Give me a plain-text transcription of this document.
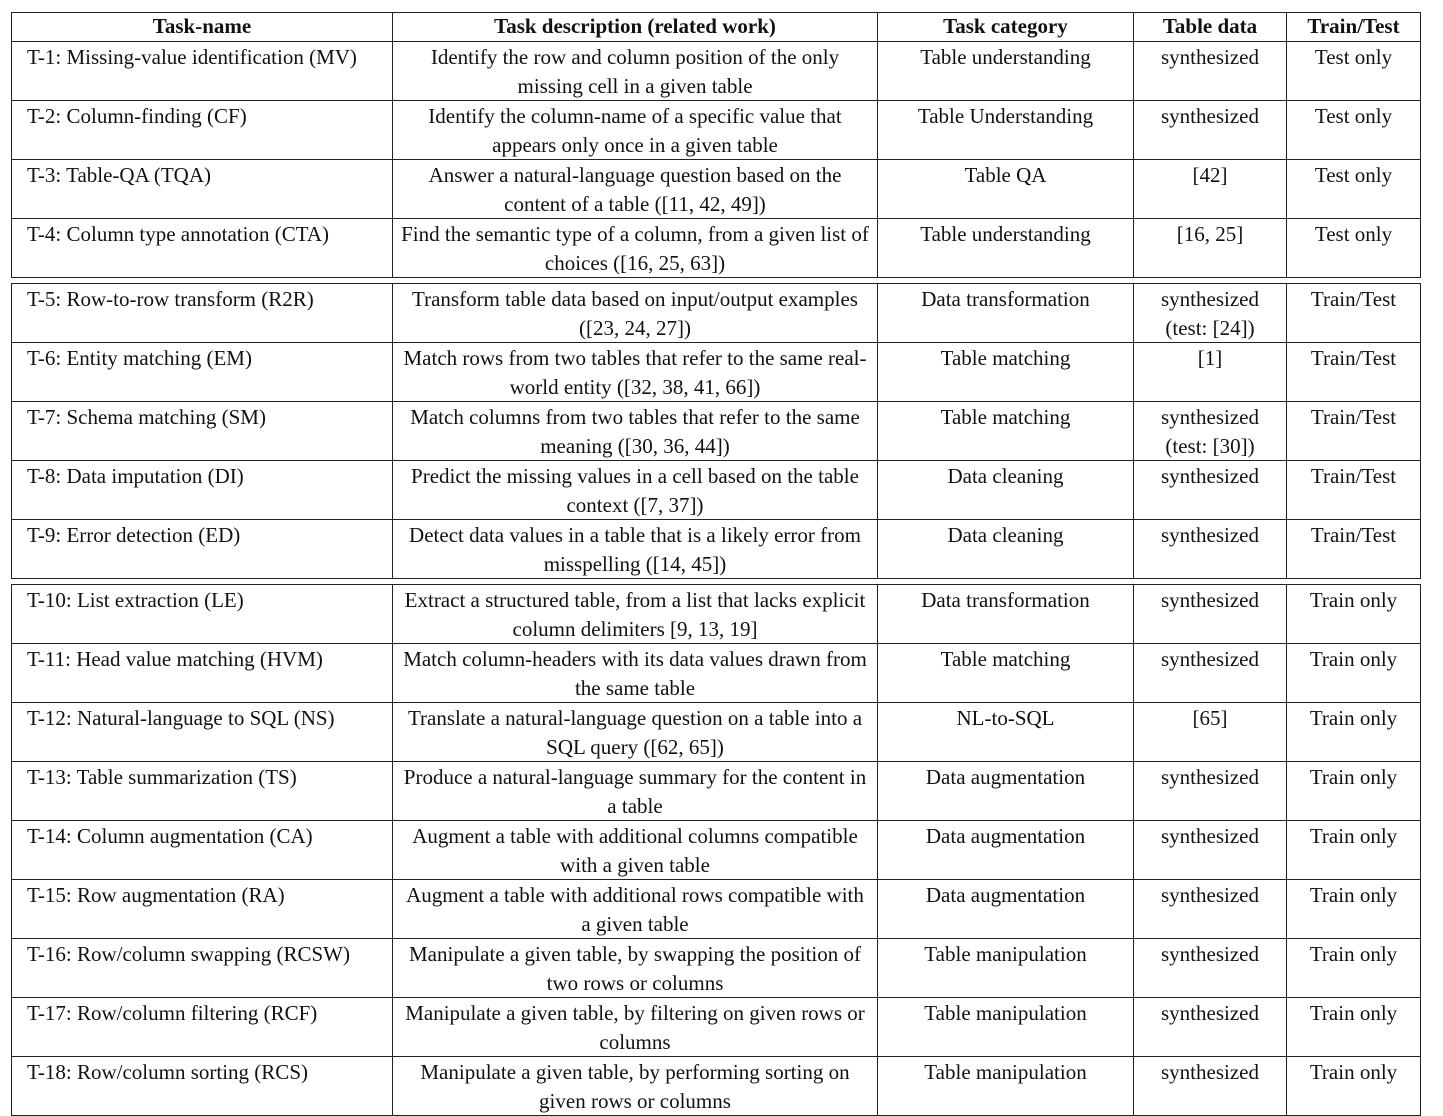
Task-name	Task description (related work)	Task category	Table data	Train/Test
T-1: Missing-value identification (MV)	Identify the row and column position of the only missing cell in a given table	Table understanding	synthesized	Test only
T-2: Column-finding (CF)	Identify the column-name of a specific value that appears only once in a given table	Table Understanding	synthesized	Test only
T-3: Table-QA (TQA)	Answer a natural-language question based on the content of a table ([11, 42, 49])	Table QA	[42]	Test only
T-4: Column type annotation (CTA)	Find the semantic type of a column, from a given list of choices ([16, 25, 63])	Table understanding	[16, 25]	Test only

T-5: Row-to-row transform (R2R)	Transform table data based on input/output examples ([23, 24, 27])	Data transformation	synthesized (test: [24])	Train/Test
T-6: Entity matching (EM)	Match rows from two tables that refer to the same real-world entity ([32, 38, 41, 66])	Table matching	[1]	Train/Test
T-7: Schema matching (SM)	Match columns from two tables that refer to the same meaning ([30, 36, 44])	Table matching	synthesized (test: [30])	Train/Test
T-8: Data imputation (DI)	Predict the missing values in a cell based on the table context ([7, 37])	Data cleaning	synthesized	Train/Test
T-9: Error detection (ED)	Detect data values in a table that is a likely error from misspelling ([14, 45])	Data cleaning	synthesized	Train/Test

T-10: List extraction (LE)	Extract a structured table, from a list that lacks explicit column delimiters [9, 13, 19]	Data transformation	synthesized	Train only
T-11: Head value matching (HVM)	Match column-headers with its data values drawn from the same table	Table matching	synthesized	Train only
T-12: Natural-language to SQL (NS)	Translate a natural-language question on a table into a SQL query ([62, 65])	NL-to-SQL	[65]	Train only
T-13: Table summarization (TS)	Produce a natural-language summary for the content in a table	Data augmentation	synthesized	Train only
T-14: Column augmentation (CA)	Augment a table with additional columns compatible with a given table	Data augmentation	synthesized	Train only
T-15: Row augmentation (RA)	Augment a table with additional rows compatible with a given table	Data augmentation	synthesized	Train only
T-16: Row/column swapping (RCSW)	Manipulate a given table, by swapping the position of two rows or columns	Table manipulation	synthesized	Train only
T-17: Row/column filtering (RCF)	Manipulate a given table, by filtering on given rows or columns	Table manipulation	synthesized	Train only
T-18: Row/column sorting (RCS)	Manipulate a given table, by performing sorting on given rows or columns	Table manipulation	synthesized	Train only
